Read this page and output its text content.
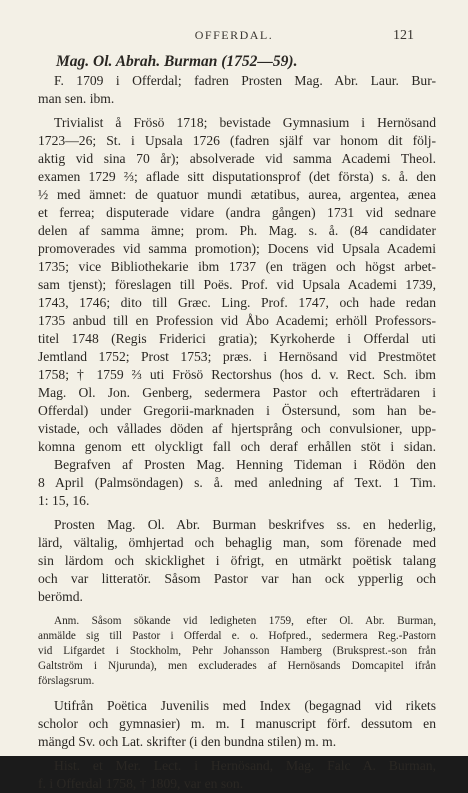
OFFERDAL.	121
Mag. Ol. Abrah. Burman (1752—59).
F. 1709 i Offerdal; fadren Prosten Mag. Abr. Laur. Bur-
man sen. ibm.
Trivialist å Frösö 1718; bevistade Gymnasium i Hernösand
1723—26; St. i Upsala 1726 (fadren själf var honom dit följ-
aktig vid sina 70 år); absolverade vid samma Academi Theol.
examen 1729 ⅔; aflade sitt disputationsprof (det första) s. å. den
½ med ämnet: de quatuor mundi ætatibus, aurea, argentea, ænea
et ferrea; disputerade vidare (andra gången) 1731 vid sednare
delen af samma ämne; prom. Ph. Mag. s. å. (84 candidater
promoverades vid samma promotion); Docens vid Upsala Academi
1735; vice Bibliothekarie ibm 1737 (en trägen och högst arbet-
sam tjenst); föreslagen till Poës. Prof. vid Upsala Academi 1739,
1743, 1746; dito till Græc. Ling. Prof. 1747, och hade redan
1735 anbud till en Profession vid Åbo Academi; erhöll Professors-
titel 1748 (Regis Friderici gratia); Kyrkoherde i Offerdal uti
Jemtland 1752; Prost 1753; præs. i Hernösand vid Prestmötet
1758; † 1759 ⅔ uti Frösö Rectorshus (hos d. v. Rect. Sch. ibm
Mag. Ol. Jon. Genberg, sedermera Pastor och efterträdaren i
Offerdal) under Gregorii-marknaden i Östersund, som han be-
vistade, och vållades döden af hjertsprång och convulsioner, upp-
komna genom ett olyckligt fall och deraf erhållen stöt i sidan.
Begrafven af Prosten Mag. Henning Tideman i Rödön den
8 April (Palmsöndagen) s. å. med anledning af Text. 1 Tim.
1: 15, 16.
Prosten Mag. Ol. Abr. Burman beskrifves ss. en hederlig,
lärd, vältalig, ömhjertad och behaglig man, som förenade med
sin lärdom och skicklighet i öfrigt, en utmärkt poëtisk talang
och var litteratör. Såsom Pastor var han ock ypperlig och
berömd.
Anm. Såsom sökande vid ledigheten 1759, efter Ol. Abr. Burman,
anmälde sig till Pastor i Offerdal e. o. Hofpred., sedermera Reg.-Pastorn
vid Lifgardet i Stockholm, Pehr Johansson Hamberg (Bruksprest.-son från
Galtström i Njurunda), men excluderades af Hernösands Domcapitel ifrån
förslagsrum.
Utifrån Poëtica Juvenilis med Index (begagnad vid rikets
scholor och gymnasier) m. m. I manuscript förf. dessutom en
mängd Sv. och Lat. skrifter (i den bundna stilen) m. m.
Hist. et Mer. Lect. i Hernösand, Mag. Falc A. Burman,
f. i Offerdal 1758, † 1809, var en son.
